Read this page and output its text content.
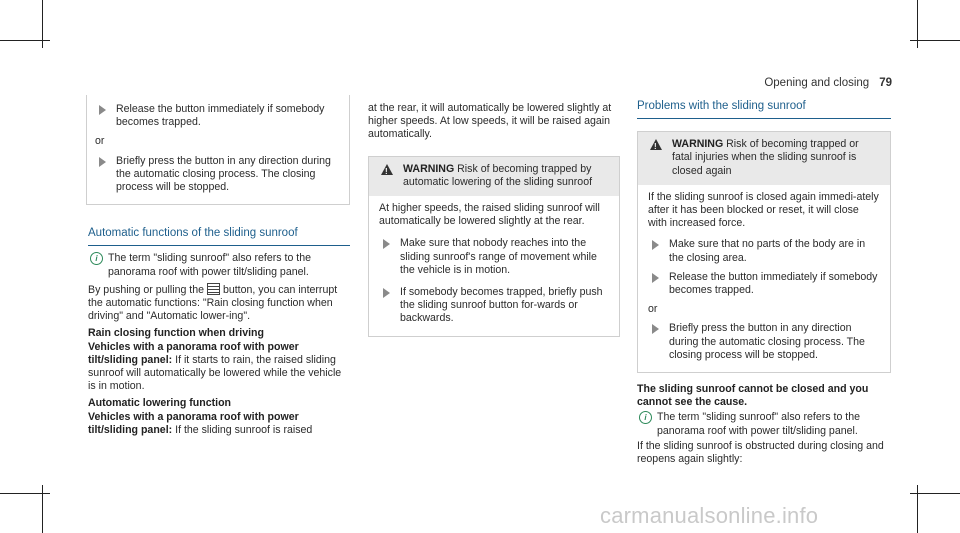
Opening and closing 79

Release the button immediately if somebody becomes trapped.

or

Briefly press the button in any direction during the automatic closing process. The closing process will be stopped.

Automatic functions of the sliding sunroof

i The term "sliding sunroof" also refers to the panorama roof with power tilt/sliding panel.

By pushing or pulling the button, you can interrupt the automatic functions: "Rain closing function when driving" and "Automatic lower-ing".

Rain closing function when driving

Vehicles with a panorama roof with power tilt/sliding panel: If it starts to rain, the raised sliding sunroof will automatically be lowered while the vehicle is in motion.

Automatic lowering function

Vehicles with a panorama roof with power tilt/sliding panel: If the sliding sunroof is raised

at the rear, it will automatically be lowered slightly at higher speeds. At low speeds, it will be raised again automatically.

!
WARNING Risk of becoming trapped by automatic lowering of the sliding sunroof

At higher speeds, the raised sliding sunroof will automatically be lowered slightly at the rear.

Make sure that nobody reaches into the sliding sunroof's range of movement while the vehicle is in motion.

If somebody becomes trapped, briefly push the sliding sunroof button for-wards or backwards.

Problems with the sliding sunroof
!
WARNING Risk of becoming trapped or fatal injuries when the sliding sunroof is closed again

If the sliding sunroof is closed again immedi-ately after it has been blocked or reset, it will close with increased force.

Make sure that no parts of the body are in the closing area.

Release the button immediately if somebody becomes trapped.

or

Briefly press the button in any direction during the automatic closing process. The closing process will be stopped.

The sliding sunroof cannot be closed and you cannot see the cause.

i The term "sliding sunroof" also refers to the panorama roof with power tilt/sliding panel.

If the sliding sunroof is obstructed during closing and reopens again slightly:

carmanualsonline.info
